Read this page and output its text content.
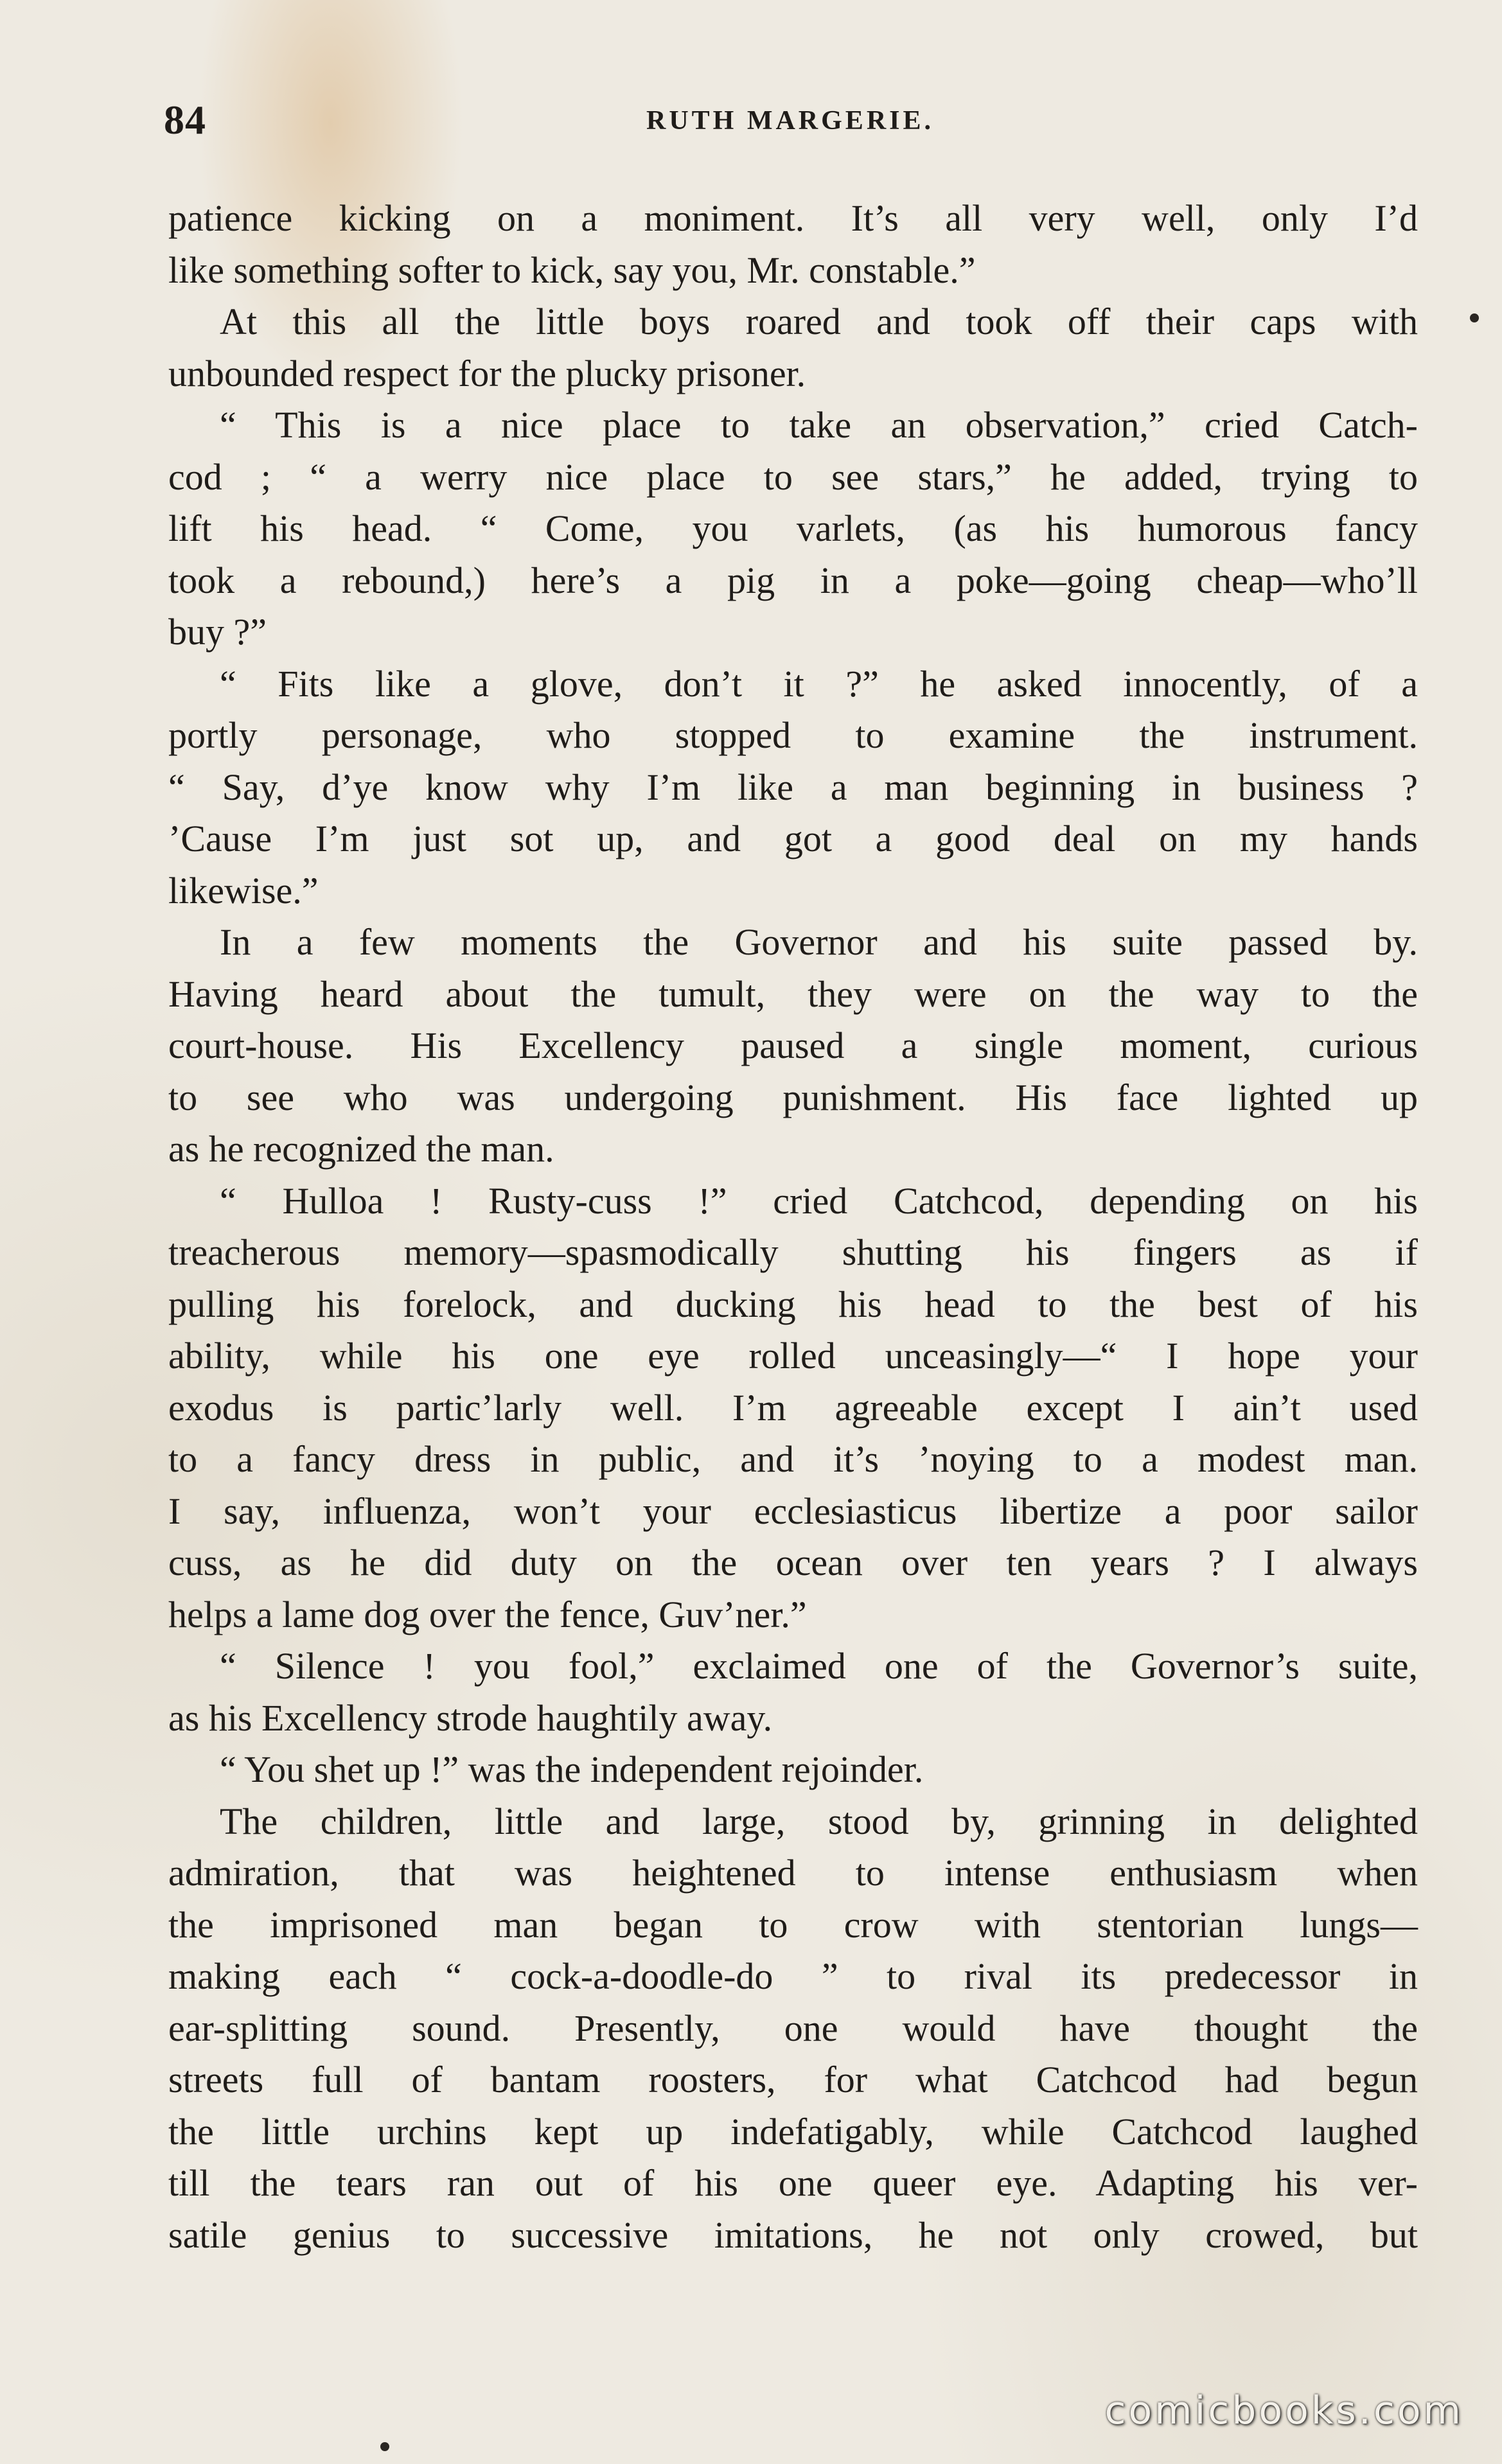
84	RUTH MARGERIE.
patience kicking on a moniment. It’s all very well, only I’d
like something softer to kick, say you, Mr. constable.”
At this all the little boys roared and took off their caps with
unbounded respect for the plucky prisoner.
“ This is a nice place to take an observation,” cried Catch-
cod ; “ a werry nice place to see stars,” he added, trying to
lift his head. “ Come, you varlets, (as his humorous fancy
took a rebound,) here’s a pig in a poke—going cheap—who’ll
buy ?”
“ Fits like a glove, don’t it ?” he asked innocently, of a
portly personage, who stopped to examine the instrument.
“ Say, d’ye know why I’m like a man beginning in business ?
’Cause I’m just sot up, and got a good deal on my hands
likewise.”
In a few moments the Governor and his suite passed by.
Having heard about the tumult, they were on the way to the
court-house. His Excellency paused a single moment, curious
to see who was undergoing punishment. His face lighted up
as he recognized the man.
“ Hulloa ! Rusty-cuss !” cried Catchcod, depending on his
treacherous memory—spasmodically shutting his fingers as if
pulling his forelock, and ducking his head to the best of his
ability, while his one eye rolled unceasingly—“ I hope your
exodus is partic’larly well. I’m agreeable except I ain’t used
to a fancy dress in public, and it’s ’noying to a modest man.
I say, influenza, won’t your ecclesiasticus libertize a poor sailor
cuss, as he did duty on the ocean over ten years ? I always
helps a lame dog over the fence, Guv’ner.”
“ Silence ! you fool,” exclaimed one of the Governor’s suite,
as his Excellency strode haughtily away.
“ You shet up !” was the independent rejoinder.
The children, little and large, stood by, grinning in delighted
admiration, that was heightened to intense enthusiasm when
the imprisoned man began to crow with stentorian lungs—
making each “ cock-a-doodle-do ” to rival its predecessor in
ear-splitting sound. Presently, one would have thought the
streets full of bantam roosters, for what Catchcod had begun
the little urchins kept up indefatigably, while Catchcod laughed
till the tears ran out of his one queer eye. Adapting his ver-
satile genius to successive imitations, he not only crowed, but
comicbooks.com
